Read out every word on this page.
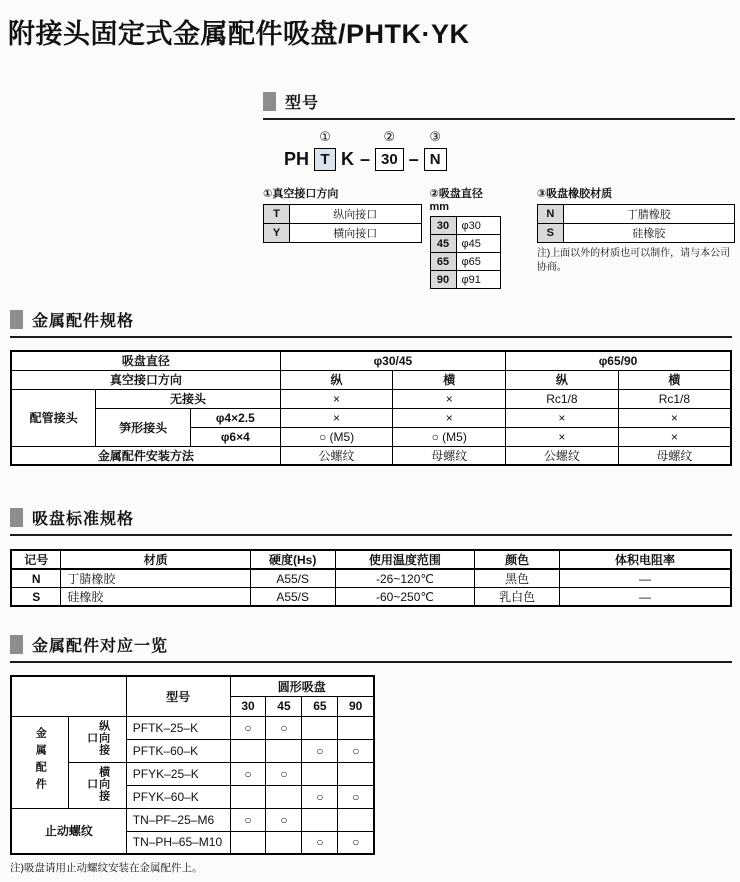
附接头固定式金属配件吸盘/PHTK·YK
型号
PH
①
T K –
②
30 –
③
N
①真空接口方向
T	纵向接口
Y	横向接口
②吸盘直径 mm
30	φ30
45	φ45
65	φ65
90	φ91
③吸盘橡胶材质
N	丁腈橡胶
S	硅橡胶
注)上面以外的材质也可以制作，请与本公司协商。
金属配件规格
吸盘直径			φ30/45		φ65/90	
真空接口方向			纵	横	纵	横
配管接头	无接头		×	×	Rc1/8	Rc1/8
	笋形接头	φ4×2.5	×	×	×	×
		φ6×4	○ (M5)	○ (M5)	×	×
金属配件安装方法			公螺纹	母螺纹	公螺纹	母螺纹
吸盘标准规格
记号	材质	硬度(Hs)	使用温度范围	颜色	体积电阻率
N	丁腈橡胶	A55/S	-26~120℃	黑色	—
S	硅橡胶	A55/S	-60~250℃	乳白色	—
金属配件对应一览
		型号	圆形吸盘			
			30	45	65	90
金属配件	纵向接口	PFTK–25–K	○	○		
		PFTK–60–K			○	○
	横向接口	PFYK–25–K	○	○		
		PFYK–60–K			○	○
止动螺纹		TN–PF–25–M6	○	○		
		TN–PH–65–M10			○	○
注)吸盘请用止动螺纹安装在金属配件上。
